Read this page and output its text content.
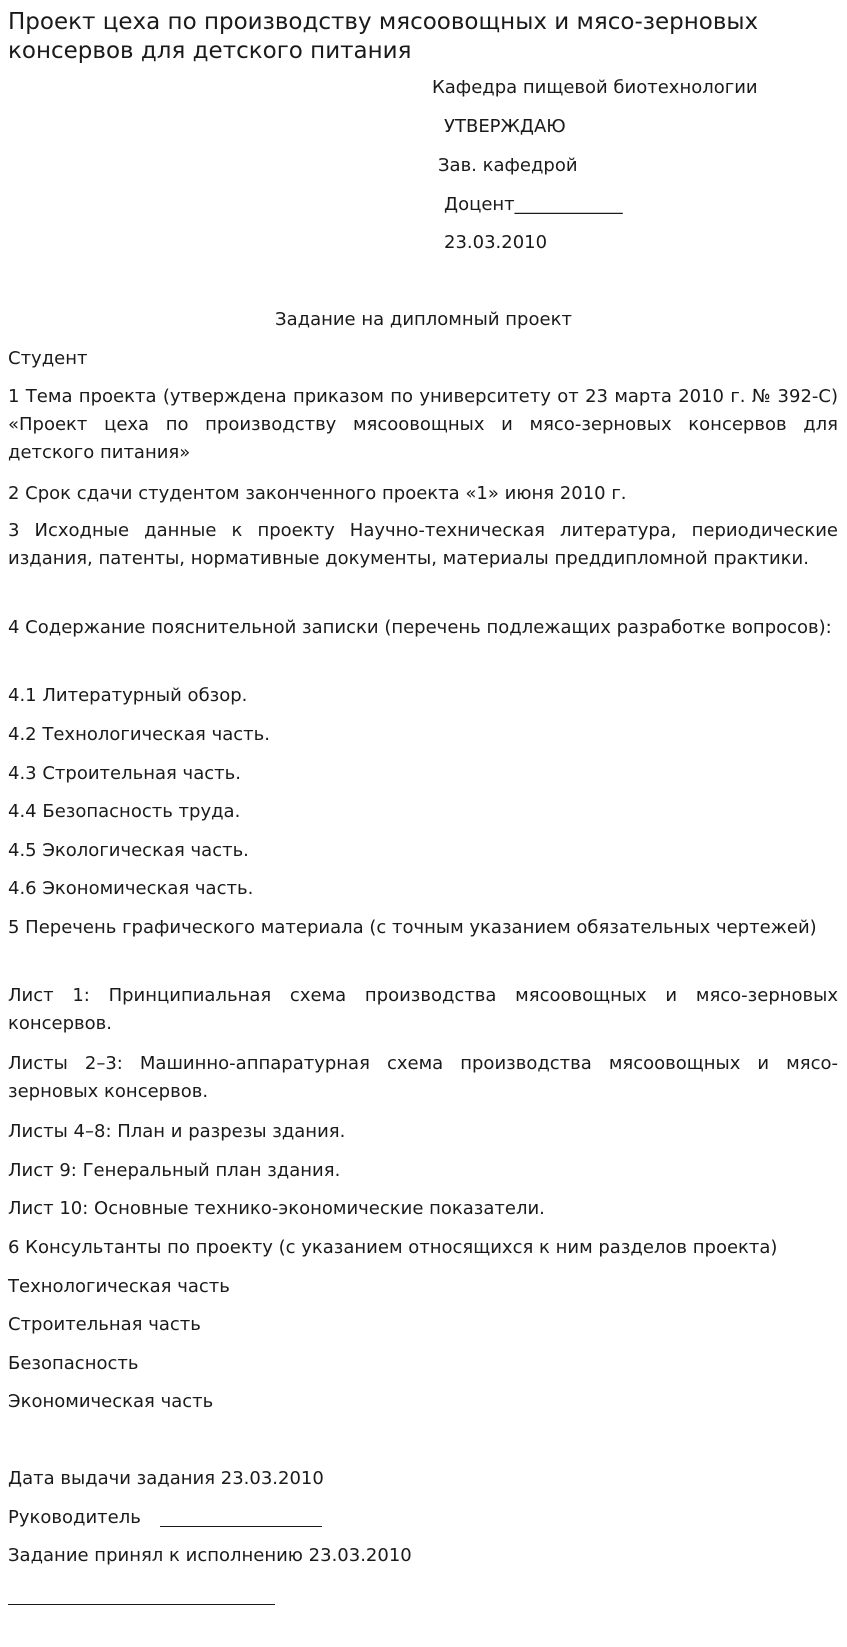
Проект цеха по производству мясоовощных и мясо-зерновых консервов для детского питания
Кафедра пищевой биотехнологии
УТВЕРЖДАЮ
Зав. кафедрой
Доцент____________
23.03.2010
Задание на дипломный проект
Студент

1 Тема проекта (утверждена приказом по университету от 23 марта 2010 г. № 392-С) «Проект цеха по производству мясоовощных и мясо-зерновых консервов для детского питания»

2 Срок сдачи студентом законченного проекта «1» июня 2010 г.

3 Исходные данные к проекту Научно-техническая литература, периодические издания, патенты, нормативные документы, материалы преддипломной практики.

4 Содержание пояснительной записки (перечень подлежащих разработке вопросов):

4.1 Литературный обзор.
4.2 Технологическая часть.
4.3 Строительная часть.
4.4 Безопасность труда.
4.5 Экологическая часть.
4.6 Экономическая часть.

5 Перечень графического материала (с точным указанием обязательных чертежей)

Лист 1: Принципиальная схема производства мясоовощных и мясо-зерновых консервов.

Листы 2–3: Машинно-аппаратурная схема производства мясоовощных и мясо-зерновых консервов.

Листы 4–8: План и разрезы здания.
Лист 9: Генеральный план здания.
Лист 10: Основные технико-экономические показатели.
6 Консультанты по проекту (с указанием относящихся к ним разделов проекта)
Технологическая часть
Строительная часть
Безопасность
Экономическая часть
Дата выдачи задания 23.03.2010
Руководитель
Задание принял к исполнению 23.03.2010
